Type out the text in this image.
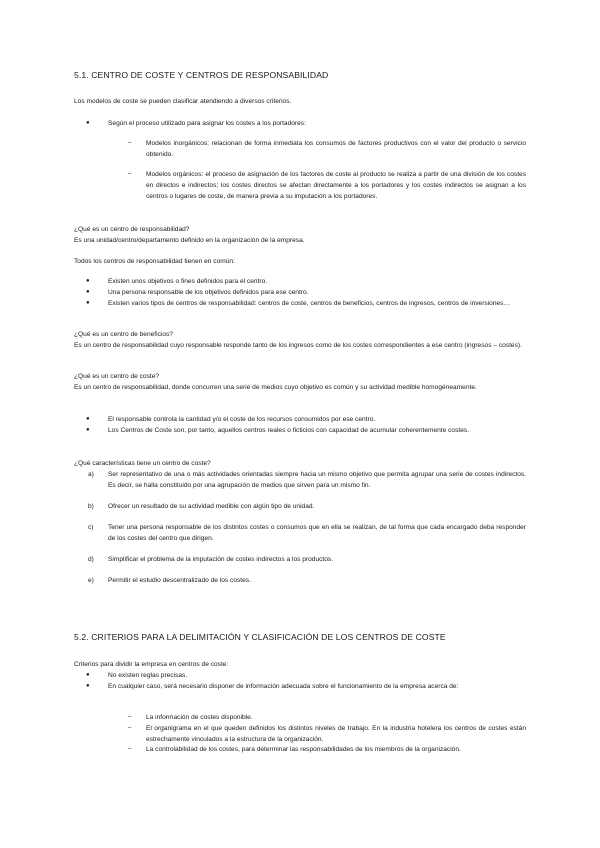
5.1. CENTRO DE COSTE Y CENTROS DE RESPONSABILIDAD
Los modelos de coste se pueden clasificar atendiendo a diversos criterios.
●	Según el proceso utilizado para asignar los costes a los portadores:
– Modelos inorgánicos: relacionan de forma inmediata los consumos de factores productivos con el valor del producto o servicio obtenido.
– Modelos orgánicos: el proceso de asignación de los factores de coste al producto se realiza a partir de una división de los costes en directos e indirectos; los costes directos se afectan directamente a los portadores y los costes indirectos se asignan a los centros o lugares de coste, de manera previa a su imputación a los portadores.
¿Qué es un centro de responsabilidad?
Es una unidad/centro/departamento definido en la organización de la empresa.
Todos los centros de responsabilidad tienen en común:
●	Existen unos objetivos o fines definidos para el centro.
●	Una persona responsable de los objetivos definidos para ese centro.
●	Existen varios tipos de centros de responsabilidad: centros de coste, centros de beneficios, centros de ingresos, centros de inversiones…
¿Qué es un centro de beneficios?
Es un centro de responsabilidad cuyo responsable responde tanto de los ingresos como de los costes correspondientes a ese centro (ingresos – costes).
¿Qué es un centro de coste?
Es un centro de responsabilidad, donde concurren una serie de medios cuyo objetivo es común y su actividad medible homogéneamente.
●	El responsable controla la cantidad y/o el coste de los recursos consumidos por ese centro.
●	Los Centros de Coste son, por tanto, aquellos centros reales o ficticios con capacidad de acumular coherentemente costes.
¿Qué características tiene un centro de coste?
a) Ser representativo de una o más actividades orientadas siempre hacia un mismo objetivo que permita agrupar una serie de costes indirectos. Es decir, se halla constituido por una agrupación de medios que sirven para un mismo fin.
b) Ofrecer un resultado de su actividad medible con algún tipo de unidad.
c) Tener una persona responsable de los distintos costes o consumos que en ella se realizan, de tal forma que cada encargado deba responder de los costes del centro que dirigen.
d) Simplificar el problema de la imputación de costes indirectos a los productos.
e) Permitir el estudio descentralizado de los costes.
5.2. CRITERIOS PARA LA DELIMITACIÓN Y CLASIFICACIÓN DE LOS CENTROS DE COSTE
Criterios para dividir la empresa en centros de coste:
●	No existen reglas precisas.
●	En cualquier caso, será necesario disponer de información adecuada sobre el funcionamiento de la empresa acerca de:
– La información de costes disponible.
– El organigrama en el que queden definidos los distintos niveles de trabajo. En la industria hotelera los centros de costes están estrechamente vinculados a la estructura de la organización.
– La controlabilidad de los costes, para determinar las responsabilidades de los miembros de la organización.
